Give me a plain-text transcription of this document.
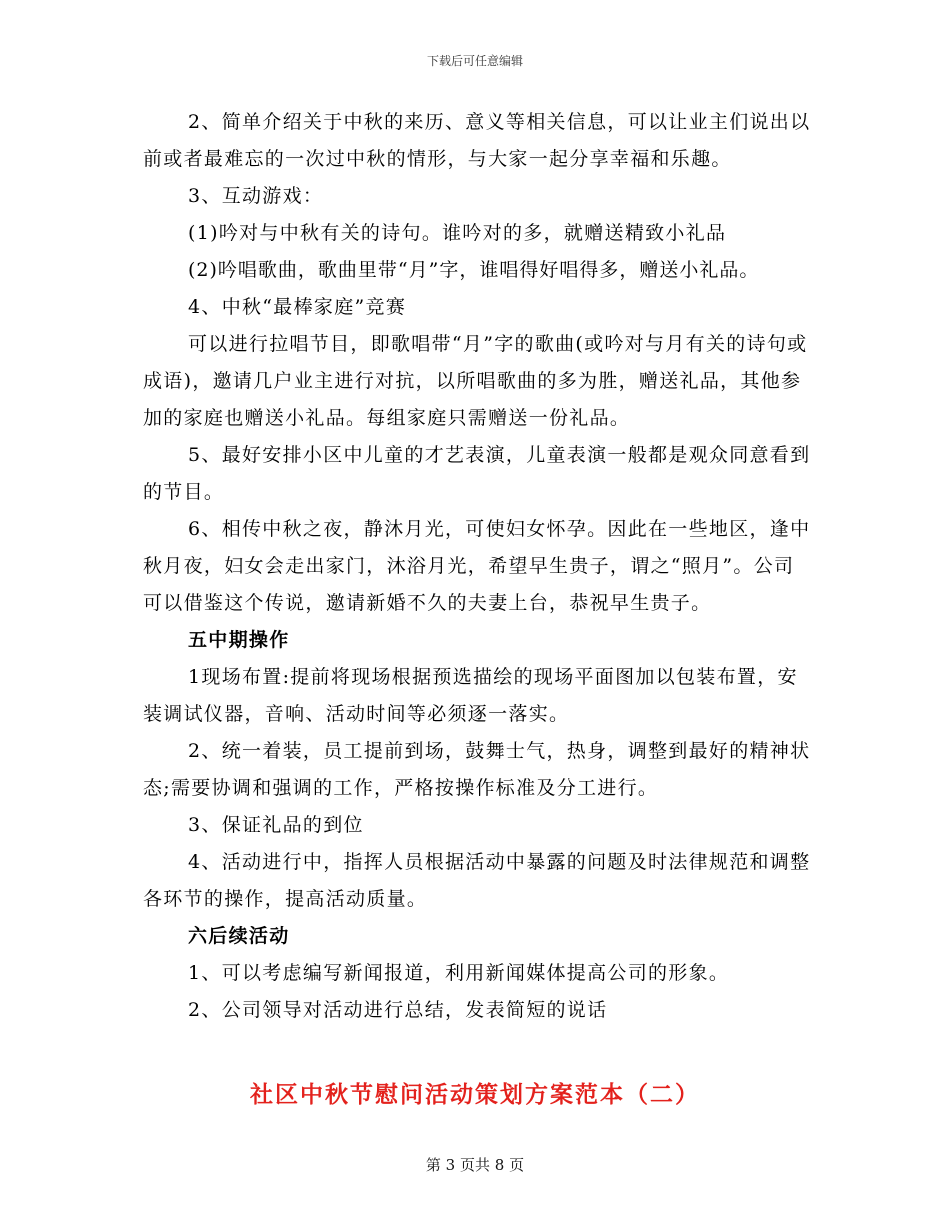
下载后可任意编辑

2、简单介绍关于中秋的来历、意义等相关信息，可以让业主们说出以前或者最难忘的一次过中秋的情形，与大家一起分享幸福和乐趣。

3、互动游戏：

(1)吟对与中秋有关的诗句。谁吟对的多，就赠送精致小礼品

(2)吟唱歌曲，歌曲里带“月”字，谁唱得好唱得多，赠送小礼品。

4、中秋“最棒家庭”竞赛

可以进行拉唱节目，即歌唱带“月”字的歌曲(或吟对与月有关的诗句或成语)，邀请几户业主进行对抗，以所唱歌曲的多为胜，赠送礼品，其他参加的家庭也赠送小礼品。每组家庭只需赠送一份礼品。

5、最好安排小区中儿童的才艺表演，儿童表演一般都是观众同意看到的节目。

6、相传中秋之夜，静沐月光，可使妇女怀孕。因此在一些地区，逢中秋月夜，妇女会走出家门，沐浴月光，希望早生贵子，谓之“照月”。公司可以借鉴这个传说，邀请新婚不久的夫妻上台，恭祝早生贵子。

五中期操作

1现场布置:提前将现场根据预选描绘的现场平面图加以包装布置，安装调试仪器，音响、活动时间等必须逐一落实。

2、统一着装，员工提前到场，鼓舞士气，热身，调整到最好的精神状态;需要协调和强调的工作，严格按操作标准及分工进行。

3、保证礼品的到位

4、活动进行中，指挥人员根据活动中暴露的问题及时法律规范和调整各环节的操作，提高活动质量。

六后续活动

1、可以考虑编写新闻报道，利用新闻媒体提高公司的形象。

2、公司领导对活动进行总结，发表简短的说话

社区中秋节慰问活动策划方案范本（二）
第 3 页共 8 页
